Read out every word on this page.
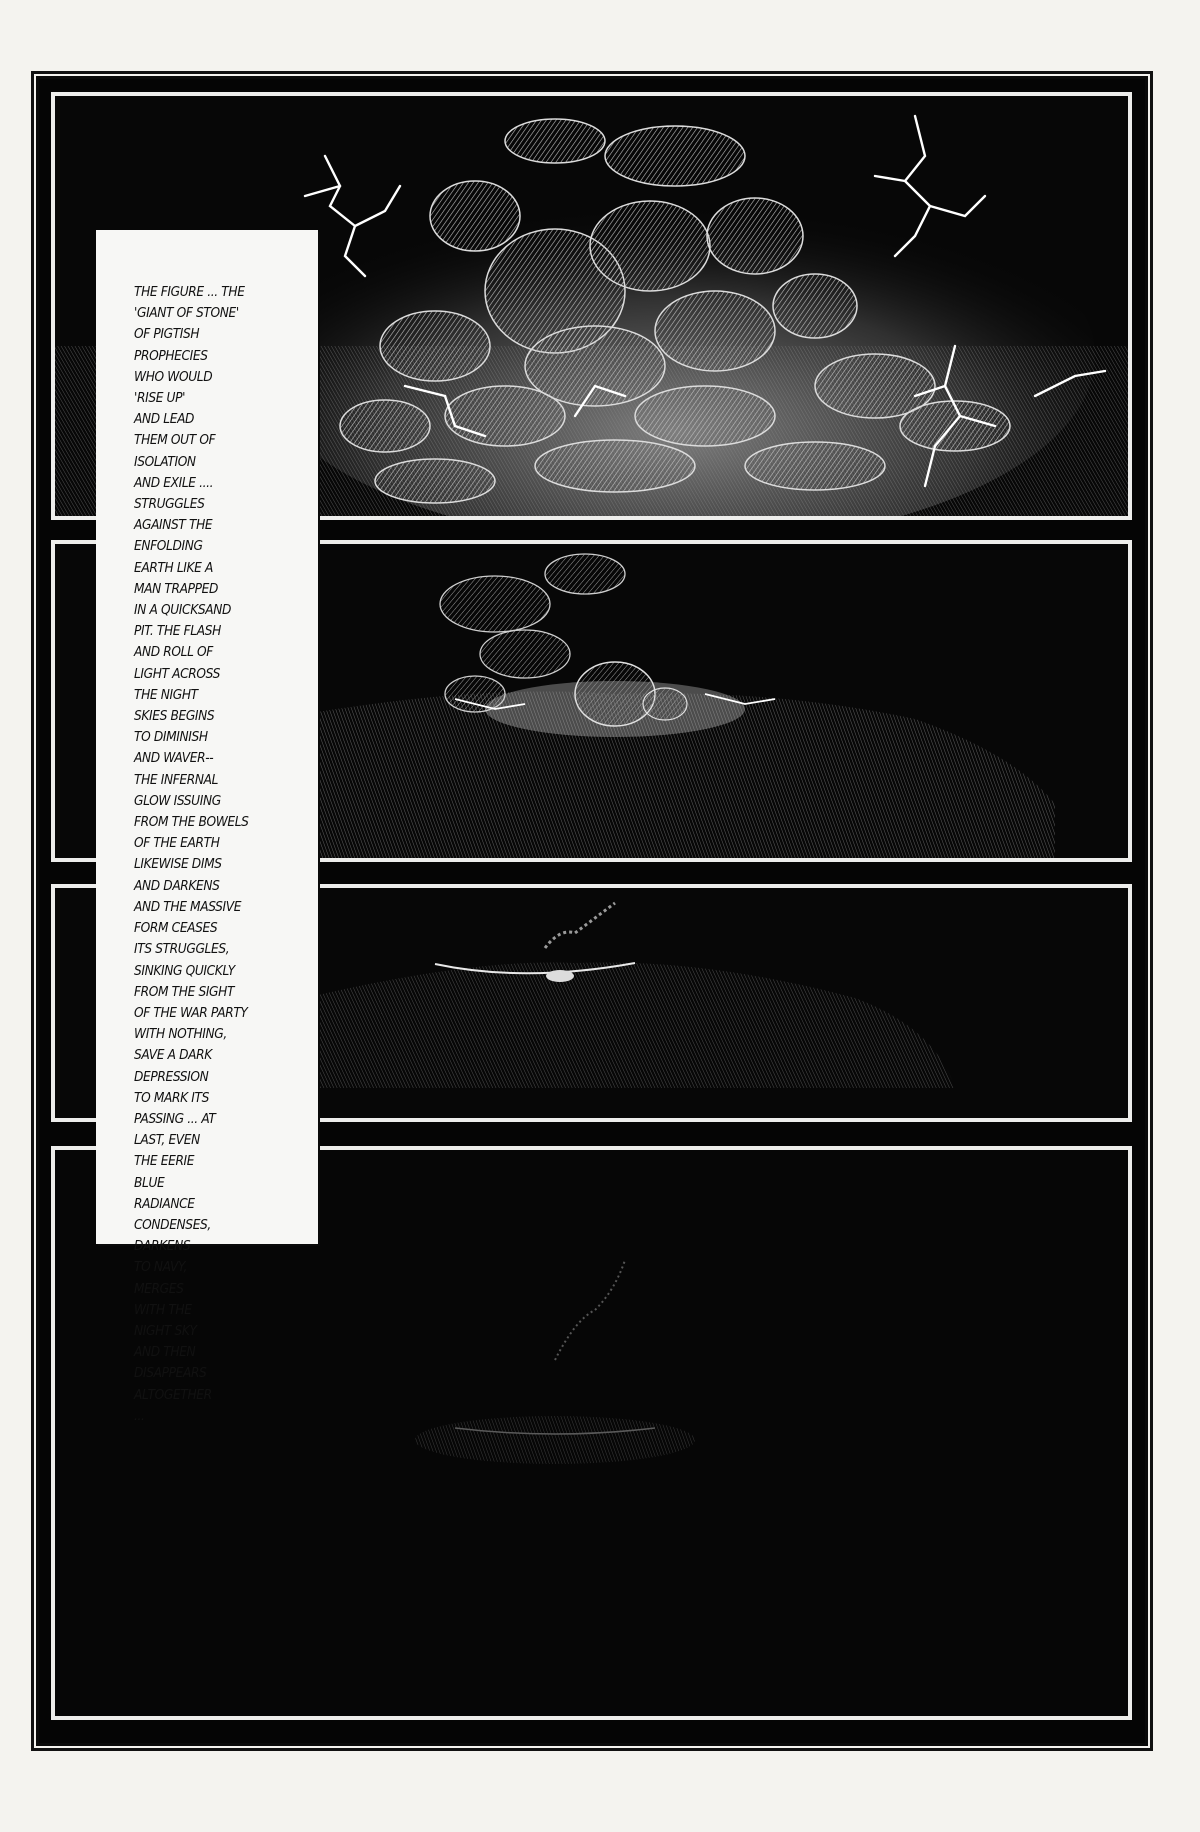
THE FIGURE ... THE
'GIANT OF STONE'
OF PIGTISH
PROPHECIES
WHO WOULD
'RISE UP'
AND LEAD
THEM OUT OF
ISOLATION
AND EXILE ....
STRUGGLES
AGAINST THE
ENFOLDING
EARTH LIKE A
MAN TRAPPED
IN A QUICKSAND
PIT. THE FLASH
AND ROLL OF
LIGHT ACROSS
THE NIGHT
SKIES BEGINS
TO DIMINISH
AND WAVER--
THE INFERNAL
GLOW ISSUING
FROM THE BOWELS
OF THE EARTH
LIKEWISE DIMS
AND DARKENS
AND THE MASSIVE
FORM CEASES
ITS STRUGGLES,
SINKING QUICKLY
FROM THE SIGHT
OF THE WAR PARTY
WITH NOTHING,
SAVE A DARK
DEPRESSION
TO MARK ITS
PASSING ... AT
LAST, EVEN
THE EERIE
BLUE
RADIANCE
CONDENSES,
DARKENS
TO NAVY,
MERGES
WITH THE
NIGHT SKY
AND THEN
DISAPPEARS
ALTOGETHER
...
